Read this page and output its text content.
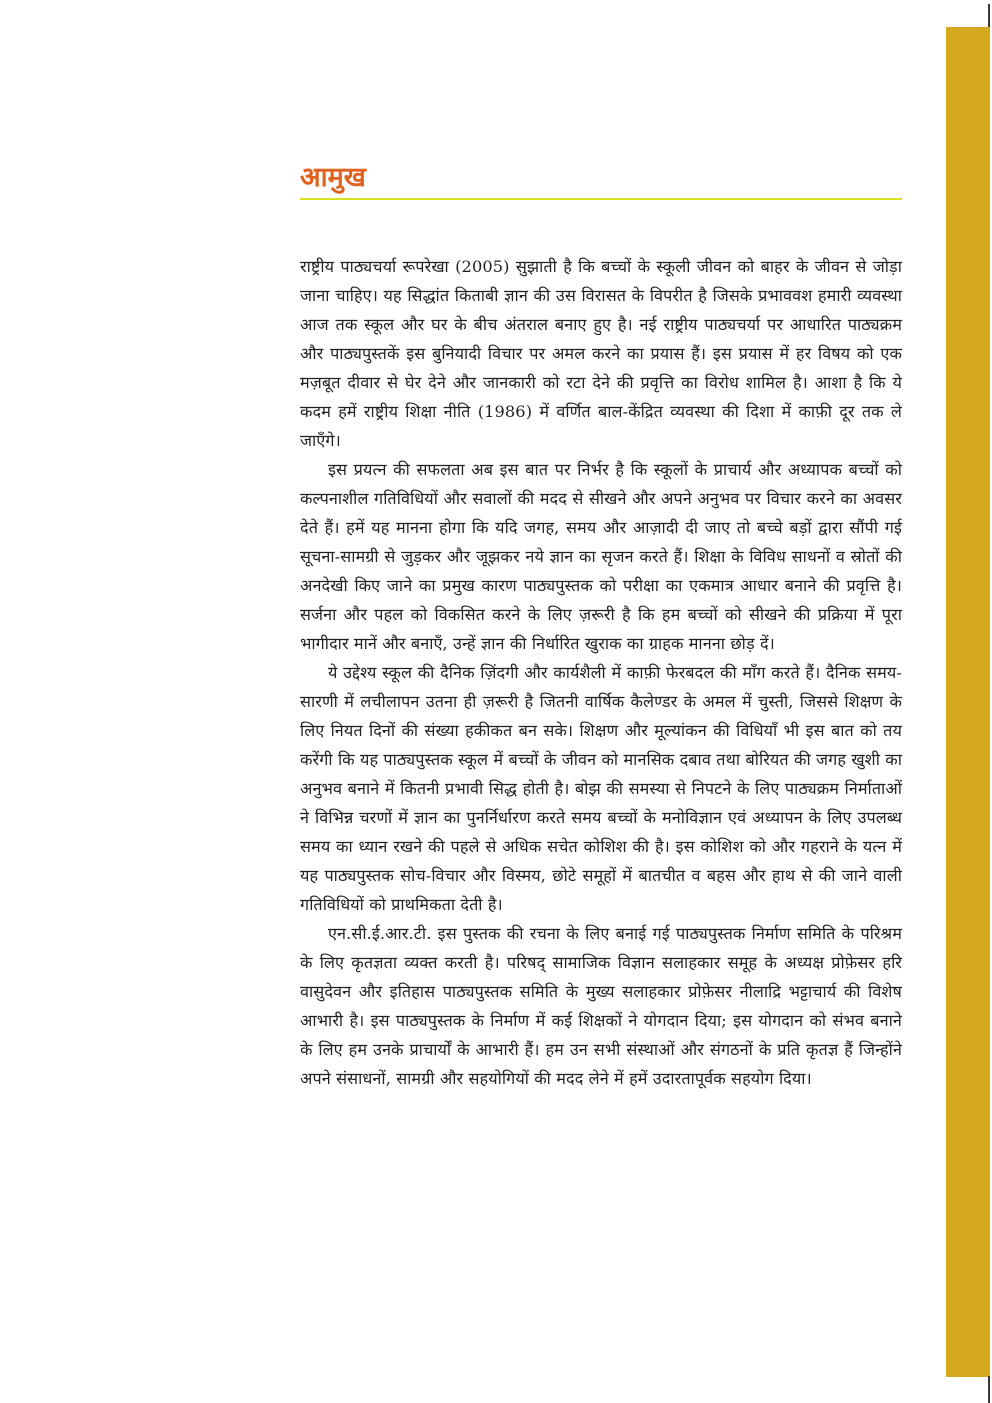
आमुख

राष्ट्रीय पाठ्यचर्या रूपरेखा (2005) सुझाती है कि बच्चों के स्कूली जीवन को बाहर के जीवन से जोड़ा जाना चाहिए। यह सिद्धांत किताबी ज्ञान की उस विरासत के विपरीत है जिसके प्रभाववश हमारी व्यवस्था आज तक स्कूल और घर के बीच अंतराल बनाए हुए है। नई राष्ट्रीय पाठ्यचर्या पर आधारित पाठ्यक्रम और पाठ्यपुस्तकें इस बुनियादी विचार पर अमल करने का प्रयास हैं। इस प्रयास में हर विषय को एक मज़बूत दीवार से घेर देने और जानकारी को रटा देने की प्रवृत्ति का विरोध शामिल है। आशा है कि ये कदम हमें राष्ट्रीय शिक्षा नीति (1986) में वर्णित बाल-केंद्रित व्यवस्था की दिशा में काफ़ी दूर तक ले जाएँगे।

इस प्रयत्न की सफलता अब इस बात पर निर्भर है कि स्कूलों के प्राचार्य और अध्यापक बच्चों को कल्पनाशील गतिविधियों और सवालों की मदद से सीखने और अपने अनुभव पर विचार करने का अवसर देते हैं। हमें यह मानना होगा कि यदि जगह, समय और आज़ादी दी जाए तो बच्चे बड़ों द्वारा सौंपी गई सूचना-सामग्री से जुड़कर और जूझकर नये ज्ञान का सृजन करते हैं। शिक्षा के विविध साधनों व स्रोतों की अनदेखी किए जाने का प्रमुख कारण पाठ्यपुस्तक को परीक्षा का एकमात्र आधार बनाने की प्रवृत्ति है। सर्जना और पहल को विकसित करने के लिए ज़रूरी है कि हम बच्चों को सीखने की प्रक्रिया में पूरा भागीदार मानें और बनाएँ, उन्हें ज्ञान की निर्धारित खुराक का ग्राहक मानना छोड़ दें।

ये उद्देश्य स्कूल की दैनिक ज़िंदगी और कार्यशैली में काफ़ी फेरबदल की माँग करते हैं। दैनिक समय-सारणी में लचीलापन उतना ही ज़रूरी है जितनी वार्षिक कैलेण्डर के अमल में चुस्ती, जिससे शिक्षण के लिए नियत दिनों की संख्या हकीकत बन सके। शिक्षण और मूल्यांकन की विधियाँ भी इस बात को तय करेंगी कि यह पाठ्यपुस्तक स्कूल में बच्चों के जीवन को मानसिक दबाव तथा बोरियत की जगह खुशी का अनुभव बनाने में कितनी प्रभावी सिद्ध होती है। बोझ की समस्या से निपटने के लिए पाठ्यक्रम निर्माताओं ने विभिन्न चरणों में ज्ञान का पुनर्निर्धारण करते समय बच्चों के मनोविज्ञान एवं अध्यापन के लिए उपलब्ध समय का ध्यान रखने की पहले से अधिक सचेत कोशिश की है। इस कोशिश को और गहराने के यत्न में यह पाठ्यपुस्तक सोच-विचार और विस्मय, छोटे समूहों में बातचीत व बहस और हाथ से की जाने वाली गतिविधियों को प्राथमिकता देती है।

एन.सी.ई.आर.टी. इस पुस्तक की रचना के लिए बनाई गई पाठ्यपुस्तक निर्माण समिति के परिश्रम के लिए कृतज्ञता व्यक्त करती है। परिषद् सामाजिक विज्ञान सलाहकार समूह के अध्यक्ष प्रोफ़ेसर हरि वासुदेवन और इतिहास पाठ्यपुस्तक समिति के मुख्य सलाहकार प्रोफ़ेसर नीलाद्रि भट्टाचार्य की विशेष आभारी है। इस पाठ्यपुस्तक के निर्माण में कई शिक्षकों ने योगदान दिया; इस योगदान को संभव बनाने के लिए हम उनके प्राचार्यों के आभारी हैं। हम उन सभी संस्थाओं और संगठनों के प्रति कृतज्ञ हैं जिन्होंने अपने संसाधनों, सामग्री और सहयोगियों की मदद लेने में हमें उदारतापूर्वक सहयोग दिया।
